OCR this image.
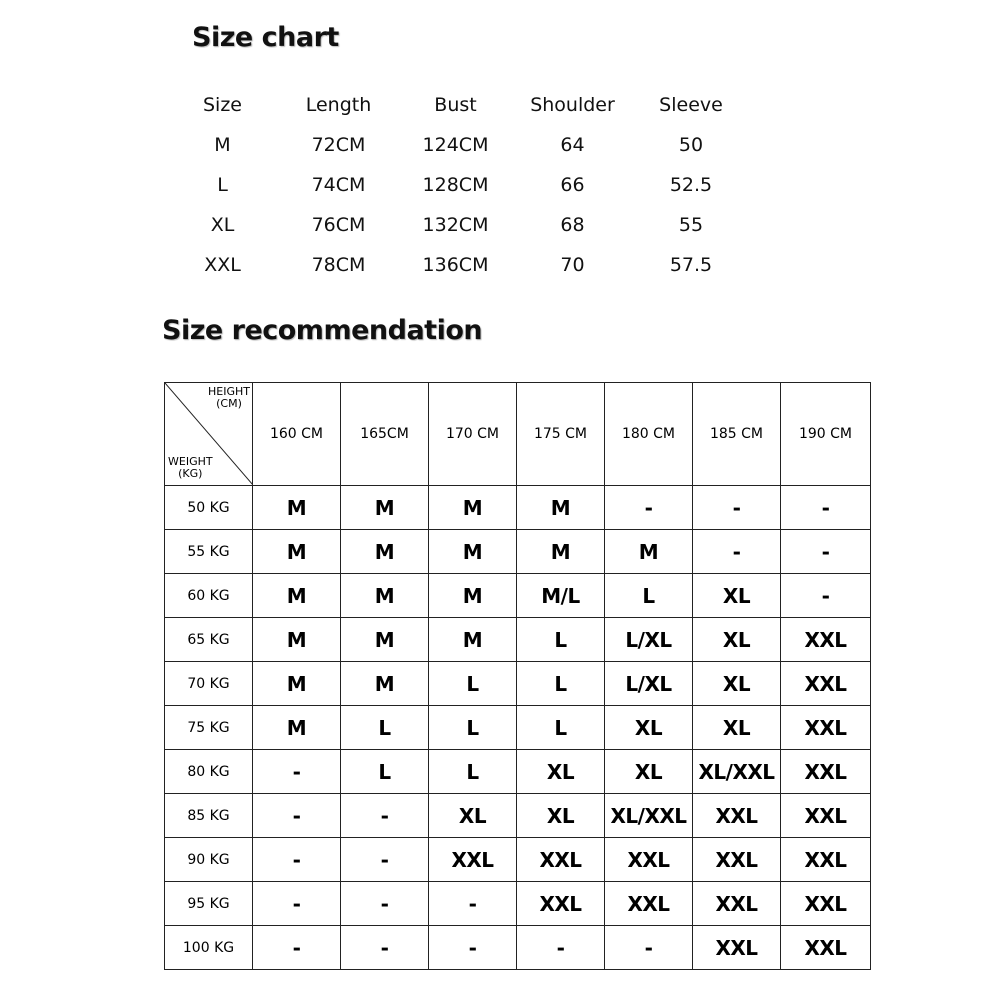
Size chart
Size	Length	Bust	Shoulder	Sleeve
M	72CM	124CM	64	50
L	74CM	128CM	66	52.5
XL	76CM	132CM	68	55
XXL	78CM	136CM	70	57.5
Size recommendation
HEIGHT
(CM)
WEIGHT
(KG)	160 CM	165CM	170 CM	175 CM	180 CM	185 CM	190 CM
50 KG	M	M	M	M	-	-	-
55 KG	M	M	M	M	M	-	-
60 KG	M	M	M	M/L	L	XL	-
65 KG	M	M	M	L	L/XL	XL	XXL
70 KG	M	M	L	L	L/XL	XL	XXL
75 KG	M	L	L	L	XL	XL	XXL
80 KG	-	L	L	XL	XL	XL/XXL	XXL
85 KG	-	-	XL	XL	XL/XXL	XXL	XXL
90 KG	-	-	XXL	XXL	XXL	XXL	XXL
95 KG	-	-	-	XXL	XXL	XXL	XXL
100 KG	-	-	-	-	-	XXL	XXL
